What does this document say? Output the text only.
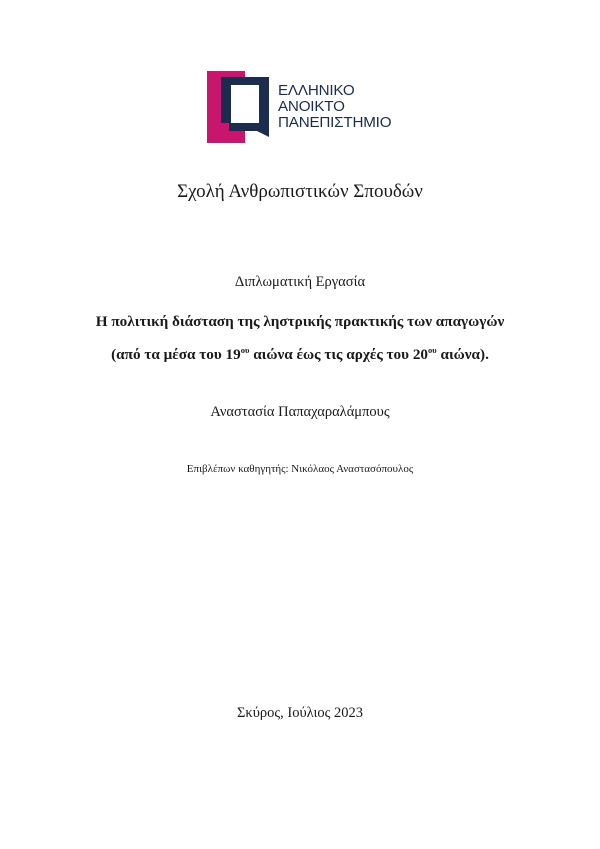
ΕΛΛΗΝΙΚΟ
ΑΝΟΙΚΤΟ
ΠΑΝΕΠΙΣΤΗΜΙΟ
Σχολή Ανθρωπιστικών Σπουδών
Διπλωματική Εργασία
Η πολιτική διάσταση της ληστρικής πρακτικής των απαγωγών
(από τα μέσα του $19^{o\upsilon}$ αιώνα έως τις αρχές του $20^{o\upsilon}$ αιώνα).
Αναστασία Παπαχαραλάμπους
Επιβλέπων καθηγητής: Νικόλαος Αναστασόπουλος
Σκύρος, Ιούλιος 2023
